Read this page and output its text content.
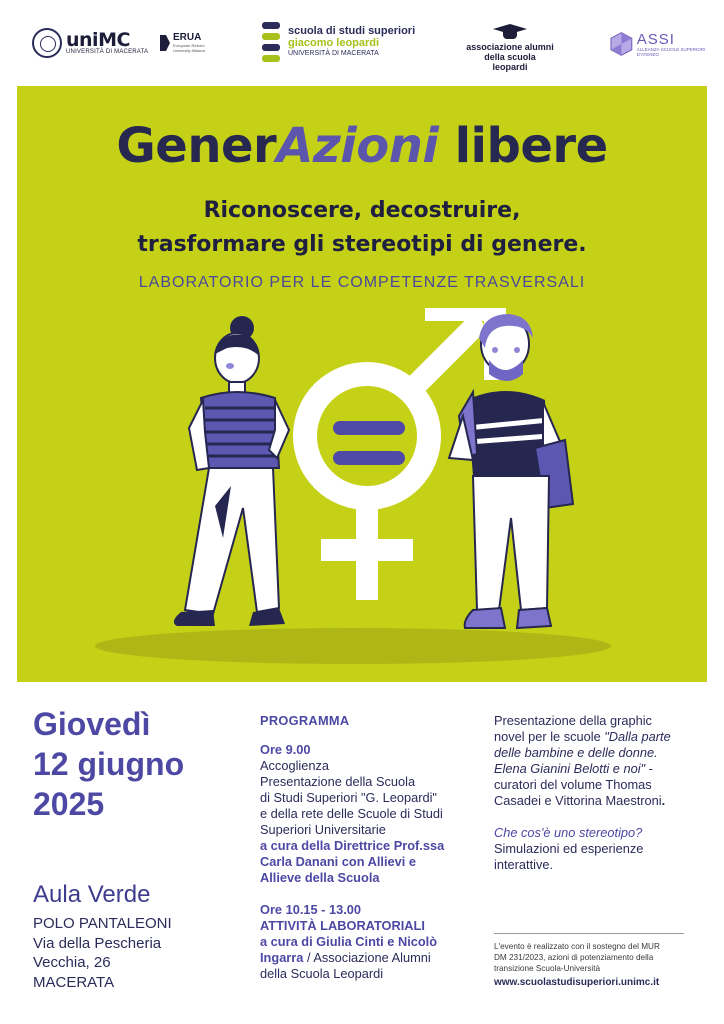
uniMC
UNIVERSITÀ DI MACERATA
ERUA
European Reform University Alliance
scuola di studi superiori
giacomo leopardi
UNIVERSITÀ DI MACERATA
associazione alumni
della scuola leopardi
ASSI
ALLEANZA SCUOLE SUPERIORI D'ATENEO
GenerAzioni libere
Riconoscere, decostruire,
trasformare gli stereotipi di genere.
LABORATORIO PER LE COMPETENZE TRASVERSALI
Giovedì
12 giugno
2025
Aula Verde
POLO PANTALEONI
Via della Pescheria
Vecchia, 26
MACERATA
PROGRAMMA
Ore 9.00
Accoglienza
Presentazione della Scuola
di Studi Superiori "G. Leopardi"
e della rete delle Scuole di Studi
Superiori Universitarie
a cura della Direttrice Prof.ssa
Carla Danani con Allievi e
Allieve della Scuola
Ore 10.15 - 13.00
ATTIVITÀ LABORATORIALI
a cura di Giulia Cinti e Nicolò
Ingarra / Associazione Alumni
della Scuola Leopardi
Presentazione della graphic
novel per le scuole "Dalla parte
delle bambine e delle donne.
Elena Gianini Belotti e noi" -
curatori del volume Thomas
Casadei e Vittorina Maestroni.
Che cos'è uno stereotipo?
Simulazioni ed esperienze
interattive.
L'evento è realizzato con il sostegno del MUR
DM 231/2023, azioni di potenziamento della
transizione Scuola-Università
www.scuolastudisuperiori.unimc.it
